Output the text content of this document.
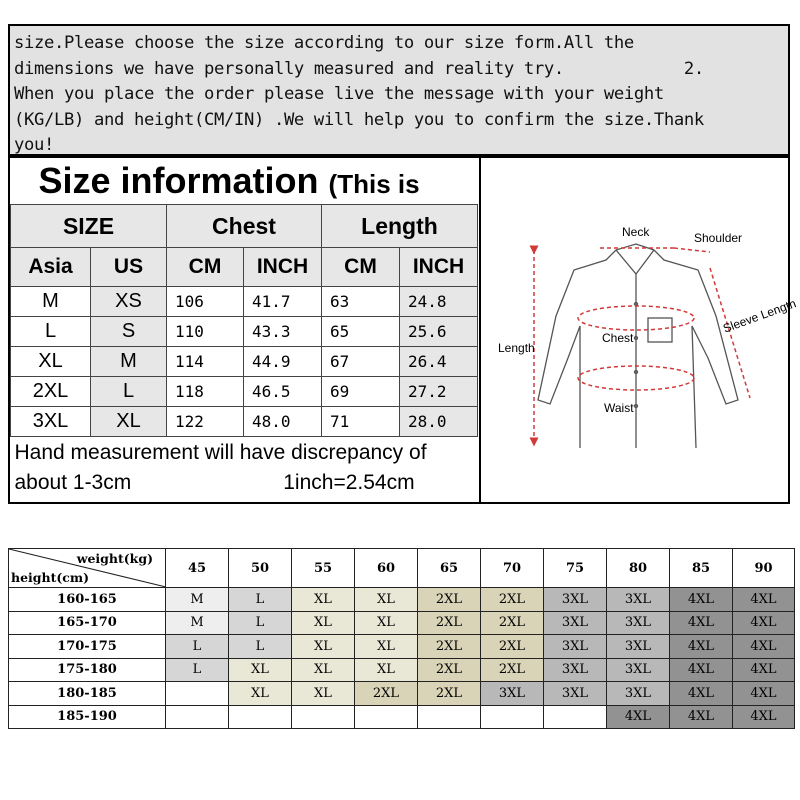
size.Please choose the size according to our size form.All the
dimensions we have personally measured and reality try.            2.
When you place the order please live the message with your weight
(KG/LB) and height(CM/IN) .We will help you to confirm the size.Thank
you!
Size information (This is					
SIZE		Chest		Length	
Asia	US	CM	INCH	CM	INCH
M	XS	106	41.7	63	24.8
L	S	110	43.3	65	25.6
XL	M	114	44.9	67	26.4
2XL	L	118	46.5	69	27.2
3XL	XL	122	48.0	71	28.0

Hand measurement will have discrepancy of
about 1-3cm 1inch=2.54cm					
Neck	Shoulder
Sleeve Length
Chest
Length
Waist
weight(kg)
height(cm)	45	50	55	60	65	70	75	80	85	90
160-165	M	L	XL	XL	2XL	2XL	3XL	3XL	4XL	4XL
165-170	M	L	XL	XL	2XL	2XL	3XL	3XL	4XL	4XL
170-175	L	L	XL	XL	2XL	2XL	3XL	3XL	4XL	4XL
175-180	L	XL	XL	XL	2XL	2XL	3XL	3XL	4XL	4XL
180-185		XL	XL	2XL	2XL	3XL	3XL	3XL	4XL	4XL
185-190								4XL	4XL	4XL
